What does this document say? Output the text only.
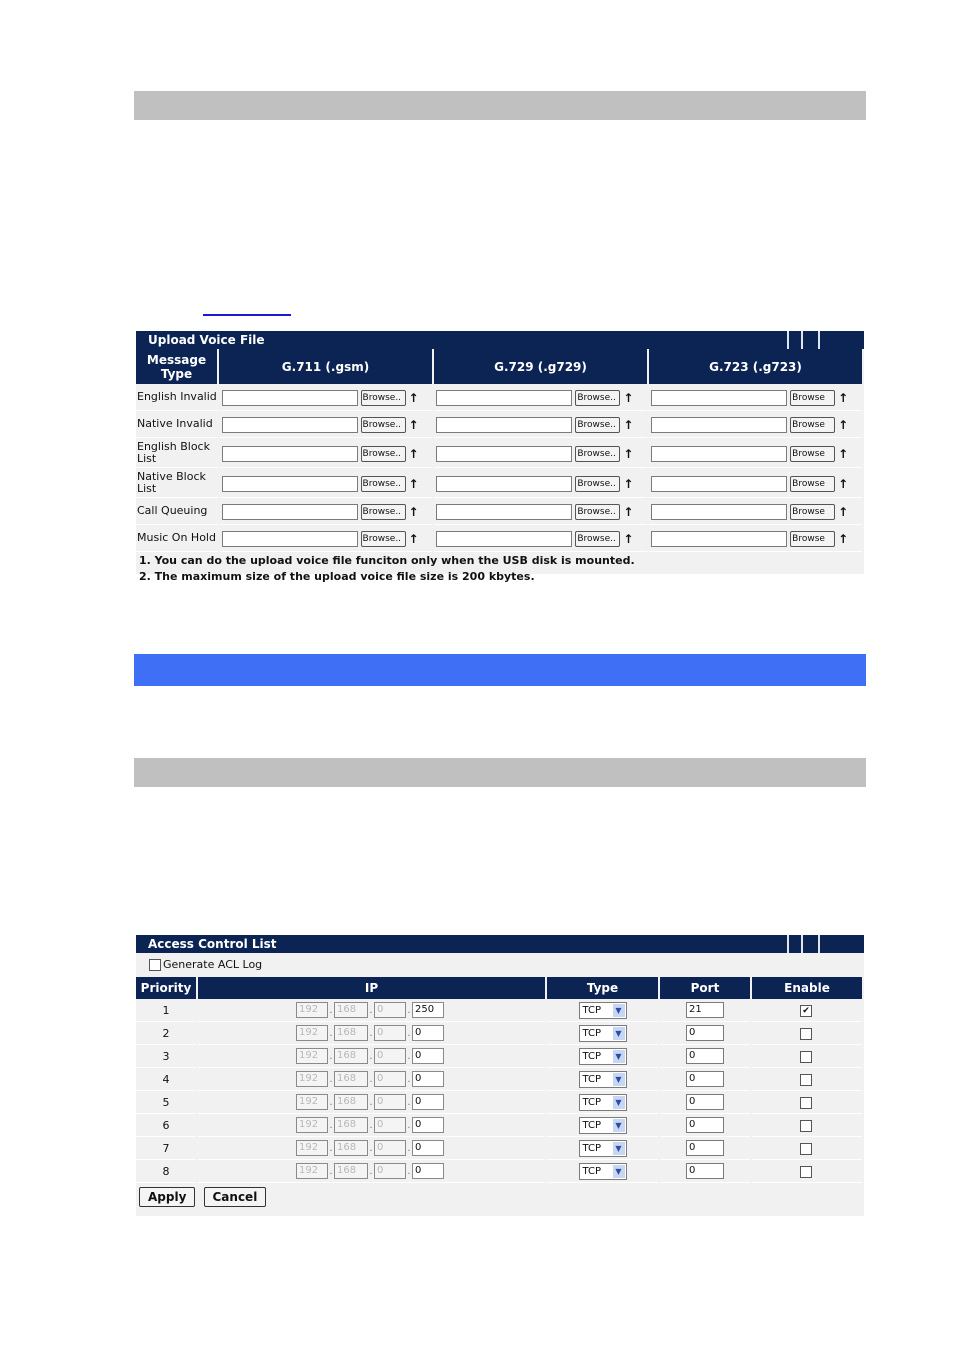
Upload Voice File
Message Type	G.711 (.gsm)	G.729 (.g729)	G.723 (.g723)
English Invalid	Browse.. ↑	Browse.. ↑	Browse ↑
Native Invalid	Browse.. ↑	Browse.. ↑	Browse ↑
English Block List	Browse.. ↑	Browse.. ↑	Browse ↑
Native Block List	Browse.. ↑	Browse.. ↑	Browse ↑
Call Queuing	Browse.. ↑	Browse.. ↑	Browse ↑
Music On Hold	Browse.. ↑	Browse.. ↑	Browse ↑
1. You can do the upload voice file funciton only when the USB disk is mounted.
2. The maximum size of the upload voice file size is 200 kbytes.
Access Control List
Generate ACL Log
Priority	IP	Type	Port	Enable
1	192 . 168 . 0 . 250	TCP ▼	21	✔
2	192 . 168 . 0 . 0	TCP ▼	0	
3	192 . 168 . 0 . 0	TCP ▼	0	
4	192 . 168 . 0 . 0	TCP ▼	0	
5	192 . 168 . 0 . 0	TCP ▼	0	
6	192 . 168 . 0 . 0	TCP ▼	0	
7	192 . 168 . 0 . 0	TCP ▼	0	
8	192 . 168 . 0 . 0	TCP ▼	0	
Apply Cancel
